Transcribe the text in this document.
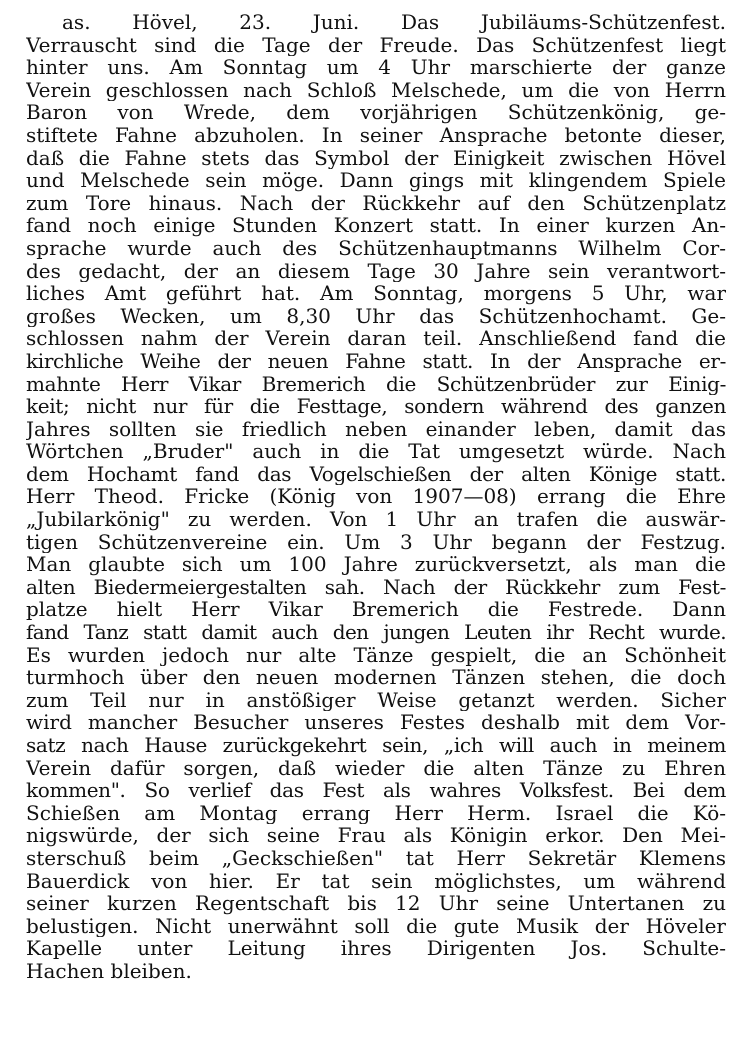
as. Hövel, 23. Juni. Das Jubiläums-Schützenfest.
Verrauscht sind die Tage der Freude. Das Schützenfest liegt
hinter uns. Am Sonntag um 4 Uhr marschierte der ganze
Verein geschlossen nach Schloß Melschede, um die von Herrn
Baron von Wrede, dem vorjährigen Schützenkönig, ge-
stiftete Fahne abzuholen. In seiner Ansprache betonte dieser,
daß die Fahne stets das Symbol der Einigkeit zwischen Hövel
und Melschede sein möge. Dann gings mit klingendem Spiele
zum Tore hinaus. Nach der Rückkehr auf den Schützenplatz
fand noch einige Stunden Konzert statt. In einer kurzen An-
sprache wurde auch des Schützenhauptmanns Wilhelm Cor-
des gedacht, der an diesem Tage 30 Jahre sein verantwort-
liches Amt geführt hat. Am Sonntag, morgens 5 Uhr, war
großes Wecken, um 8,30 Uhr das Schützenhochamt. Ge-
schlossen nahm der Verein daran teil. Anschließend fand die
kirchliche Weihe der neuen Fahne statt. In der Ansprache er-
mahnte Herr Vikar Bremerich die Schützenbrüder zur Einig-
keit; nicht nur für die Festtage, sondern während des ganzen
Jahres sollten sie friedlich neben einander leben, damit das
Wörtchen „Bruder" auch in die Tat umgesetzt würde. Nach
dem Hochamt fand das Vogelschießen der alten Könige statt.
Herr Theod. Fricke (König von 1907—08) errang die Ehre
„Jubilarkönig" zu werden. Von 1 Uhr an trafen die auswär-
tigen Schützenvereine ein. Um 3 Uhr begann der Festzug.
Man glaubte sich um 100 Jahre zurückversetzt, als man die
alten Biedermeiergestalten sah. Nach der Rückkehr zum Fest-
platze hielt Herr Vikar Bremerich die Festrede. Dann
fand Tanz statt damit auch den jungen Leuten ihr Recht wurde.
Es wurden jedoch nur alte Tänze gespielt, die an Schönheit
turmhoch über den neuen modernen Tänzen stehen, die doch
zum Teil nur in anstößiger Weise getanzt werden. Sicher
wird mancher Besucher unseres Festes deshalb mit dem Vor-
satz nach Hause zurückgekehrt sein, „ich will auch in meinem
Verein dafür sorgen, daß wieder die alten Tänze zu Ehren
kommen". So verlief das Fest als wahres Volksfest. Bei dem
Schießen am Montag errang Herr Herm. Israel die Kö-
nigswürde, der sich seine Frau als Königin erkor. Den Mei-
sterschuß beim „Geckschießen" tat Herr Sekretär Klemens
Bauerdick von hier. Er tat sein möglichstes, um während
seiner kurzen Regentschaft bis 12 Uhr seine Untertanen zu
belustigen. Nicht unerwähnt soll die gute Musik der Höveler
Kapelle unter Leitung ihres Dirigenten Jos. Schulte-
Hachen bleiben.
